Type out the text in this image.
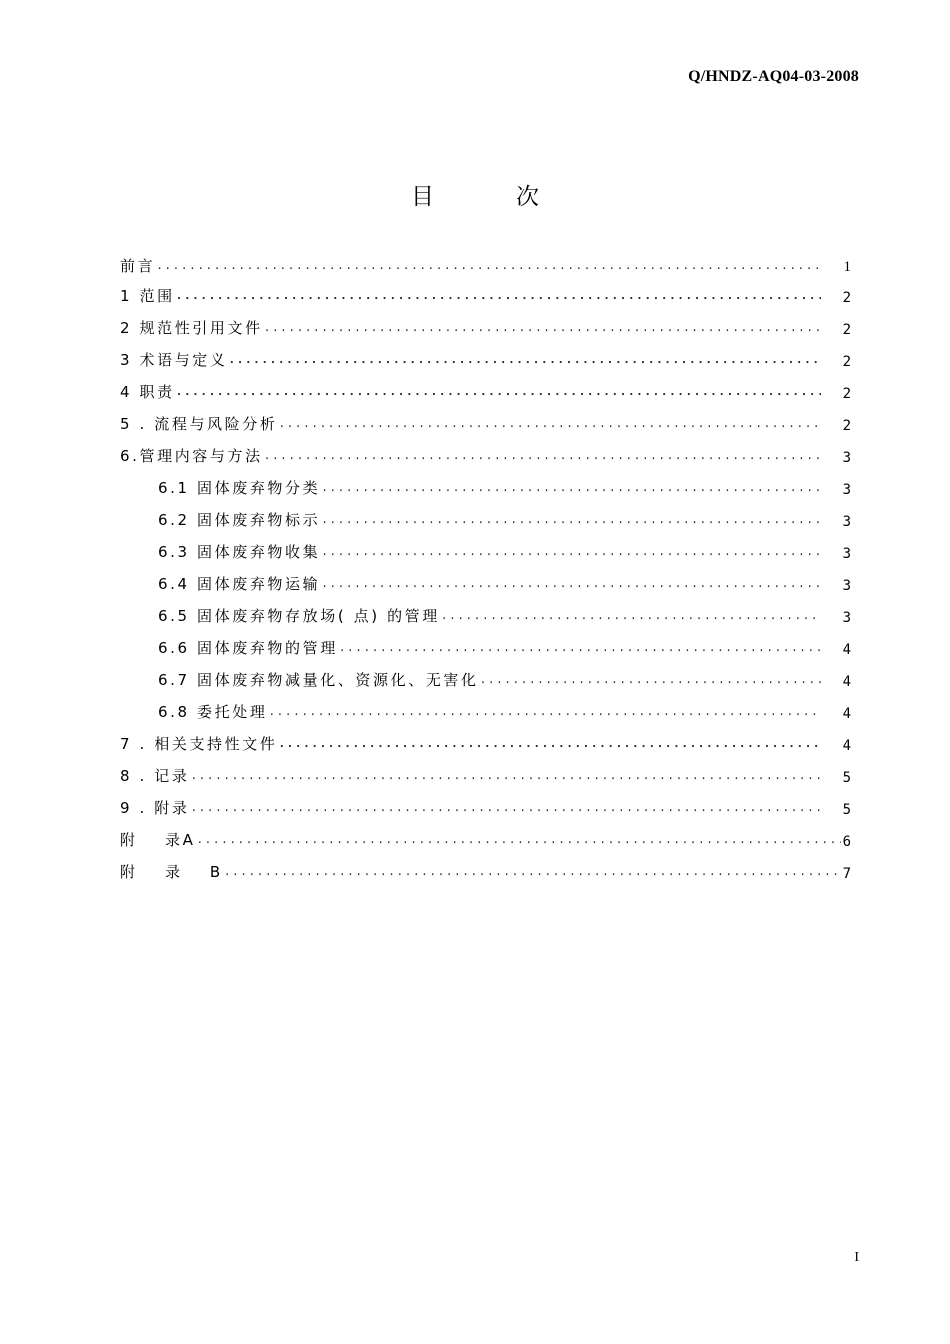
Q/HNDZ-AQ04-03-2008
目	次
前言 .....	1
1 范围 .....	2
2 规范性引用文件 .....	2
3 术语与定义 .....	2
4 职责 .....	2
5 . 流程与风险分析 .....	2
6.管理内容与方法 .....	3
6.1 固体废弃物分类 .....	3
6.2 固体废弃物标示 .....	3
6.3 固体废弃物收集 .....	3
6.4 固体废弃物运输 .....	3
6.5 固体废弃物存放场( 点) 的管理 .....	3
6.6 固体废弃物的管理 .....	4
6.7 固体废弃物减量化、资源化、无害化 .....	4
6.8 委托处理 .....	4
7 . 相关支持性文件 .....	4
8 . 记录 .....	5
9 . 附录 .....	5
附 录A .....	6
附 录 B .....	7
I
